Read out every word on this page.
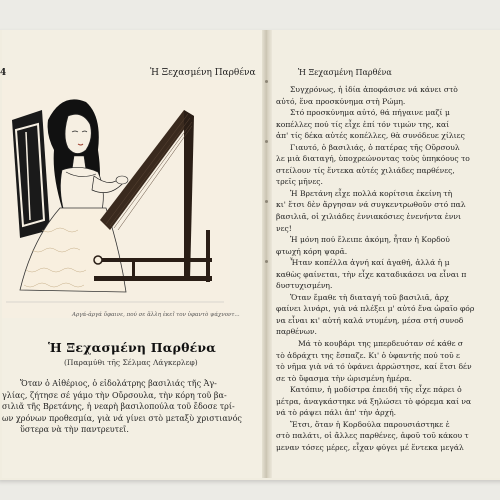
4	Ἡ Ξεχασμένη Παρθένα	Ἡ Ξεχασμένη Παρθένα
Αργά-ἀργά ὕφαινε, πού σε ἄλλη ἐκεῖ τον ὑφαντὸ ψάχνοντ...
Ἡ Ξεχασμένη Παρθένα
(Παραμύθι τῆς Σέλμας Λάγκερλεφ)

Ὅταν ὁ Αἰθέριος, ὁ εἰδολάτρης βασιλιάς τῆς Ἀγ-

γλίας, ζήτησε σέ γάμο τὴν Οὔρσουλα, τὴν κόρη τοῦ βα-

σιλιᾶ τῆς Βρετάνης, ἡ νεαρὴ βασιλοπούλα τοῦ ἔδοσε τρί-

ων χρόνων προθεσμία, γιὰ νά γίνει στὸ μεταξὺ χριστιανός

ὕστερα νὰ τὴν παντρευτεῖ.

Συγχρόνως, ἡ ἰδία ἀποφάσισε νά κάνει στὸ
αὐτό, ἕνα προσκύνημα στὴ Ρώμη.
Στό προσκύνημα αὐτό, θά πήγαινε μαζί μ
κοπέλλες πού τίς εἶχε ἐπί τόν τιμών της, καί
ἀπ' τίς δέκα αὐτές κοπέλλες, θὰ συνόδευε χίλιες
Γιαυτό, ὁ βασιλιάς, ὁ πατέρας τῆς Οὔρσουλ
λε μιὰ διαταγή, ὑποχρεώνοντας τοὺς ὑπηκόους το
στείλουν τίς ἕντεκα αὐτές χιλιάδες παρθένες,
τρεῖς μῆνες.
Ἡ Βρετάνη εἶχε πολλά κορίτσια ἐκείνη τὴ
κι' ἔτσι δὲν ἄργησαν νά συγκεντρωθοῦν στό παλ
βασιλιᾶ, οἱ χιλιάδες ἐννιακόσιες ἐνενήντα ἐννι
νες!
Ἡ μόνη πού ἔλειπε ἀκόμη, ἦταν ἡ Κορδού
φτωχή κόρη ψαρᾶ.
Ἦταν κοπέλλα ἁγνή καί ἀγαθή, ἀλλά ἡ μ
καθὼς φαίνεται, τὴν εἶχε καταδικάσει να εἶναι π
δυστυχισμένη.
Ὅταν ἔμαθε τὴ διαταγή τοῦ βασιλιᾶ, ἀρχ
φαίνει λινάρι, γιὰ νά πλέξει μ' αὐτό ἕνα ὡραῖο φόρ
να εἶναι κι' αὐτή καλά ντυμένη, μέσα στή συνοδ
παρθένων.
Μά τὸ κουβάρι της μπερδευόταν σέ κάθε σ
τὸ ἀδράχτι της ἔσπαζε. Κι' ὁ ὑφαντής πού τοῦ ε
τὸ νῆμα γιὰ νά τό ὑφάνει ἀρρώστησε, καί ἔτσι δέν
σε τὸ ὕφασμα τὴν ὡρισμένη ἡμέρα.
Κατόπιν, ἡ μοδίστρα ἐπειδή τῆς εἶχε πάρει ὁ
μέτρα, ἀναγκάστηκε νά ξηλώσει τὸ φόρεμα καί να
νά τὸ ράψει πάλι ἀπ' τὴν ἀρχή.
Ἔτσι, ὅταν ἡ Κορδούλα παρουσιάστηκε ἐ
στὸ παλάτι, οἱ ἄλλες παρθένες, ἀφοῦ τοῦ κάκου τ
μεναν τόσες μέρες, εἶχαν φύγει μέ ἕντεκα μεγάλ
